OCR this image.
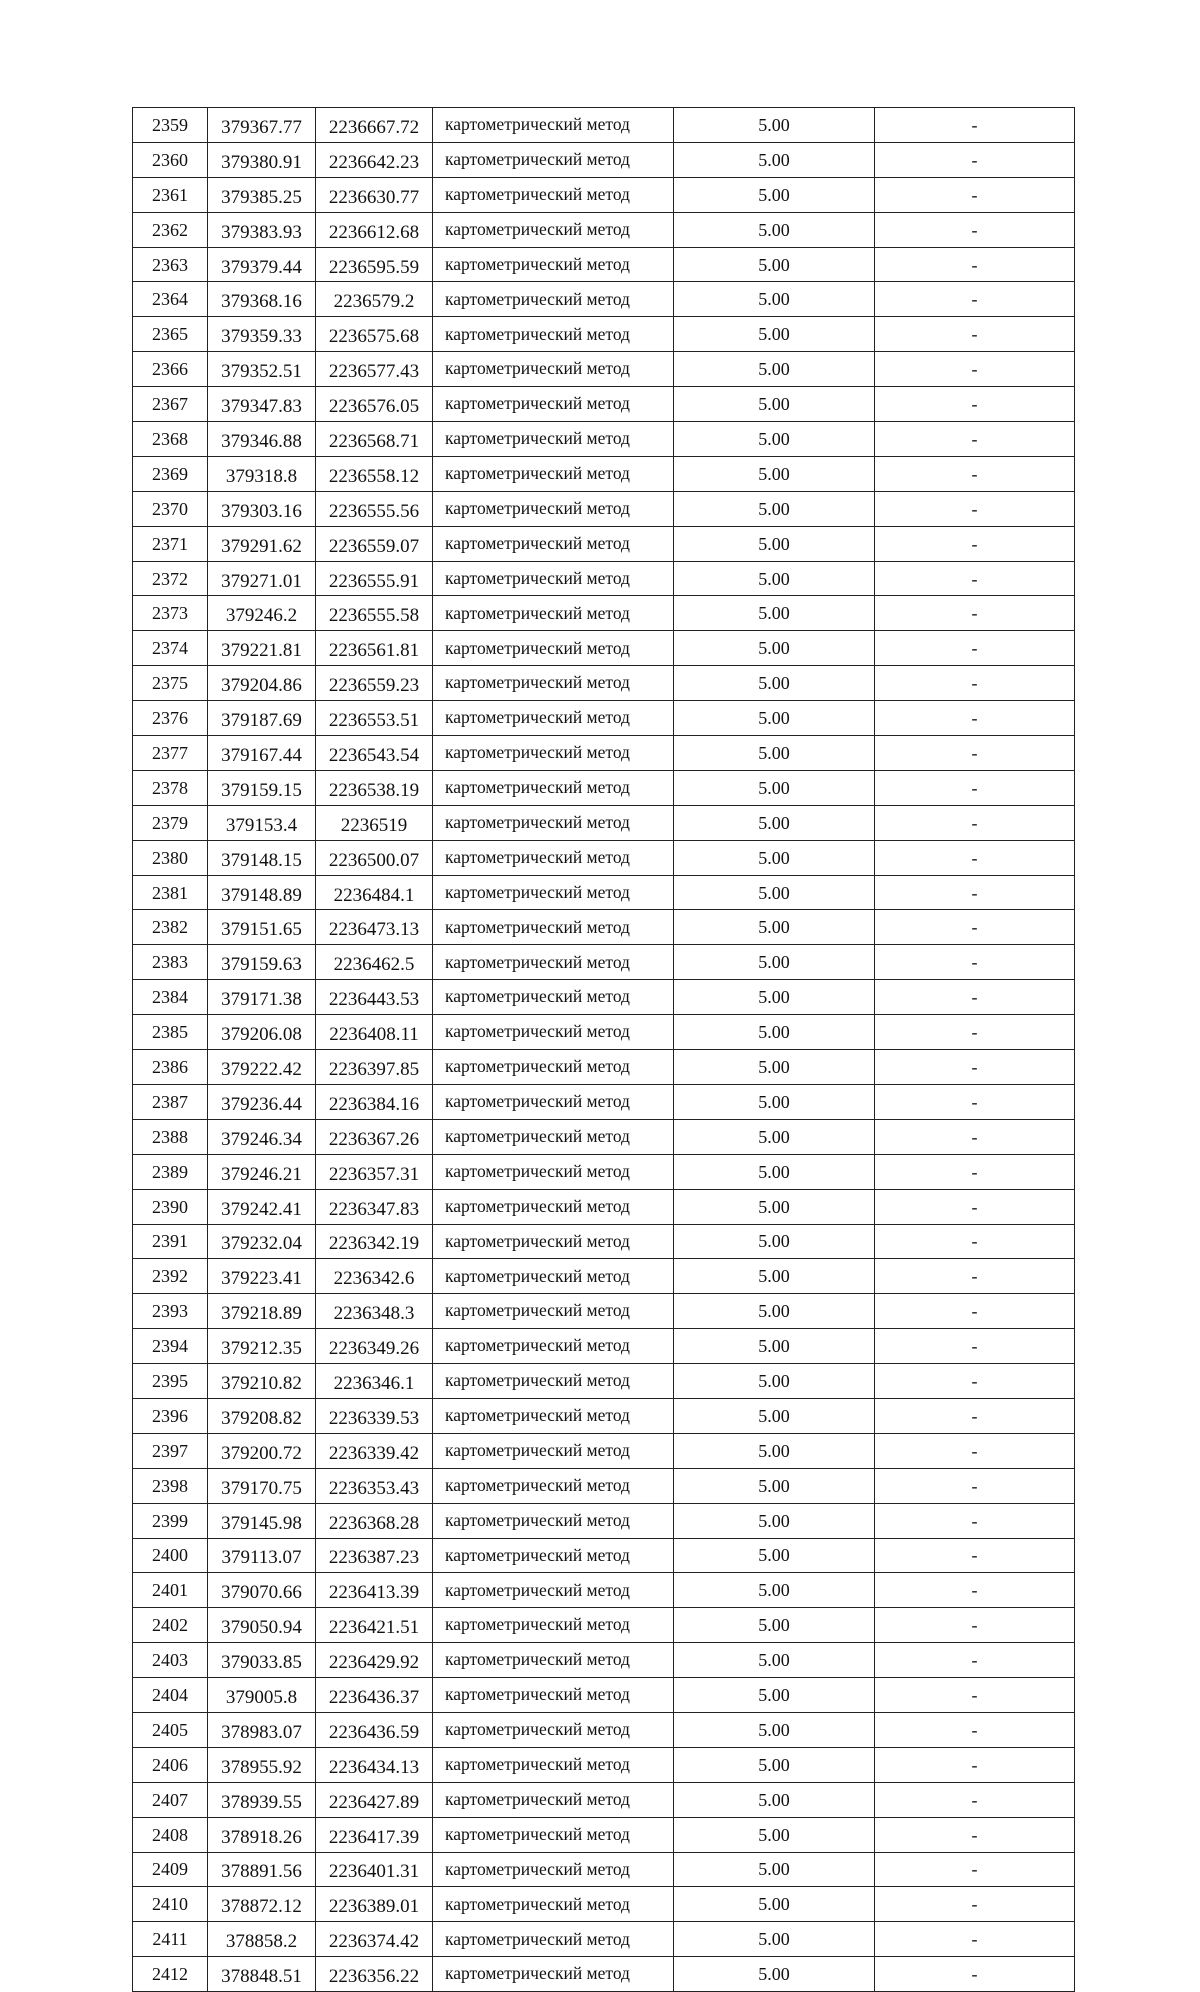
2359	379367.77	2236667.72	картометрический метод	5.00	-
2360	379380.91	2236642.23	картометрический метод	5.00	-
2361	379385.25	2236630.77	картометрический метод	5.00	-
2362	379383.93	2236612.68	картометрический метод	5.00	-
2363	379379.44	2236595.59	картометрический метод	5.00	-
2364	379368.16	2236579.2	картометрический метод	5.00	-
2365	379359.33	2236575.68	картометрический метод	5.00	-
2366	379352.51	2236577.43	картометрический метод	5.00	-
2367	379347.83	2236576.05	картометрический метод	5.00	-
2368	379346.88	2236568.71	картометрический метод	5.00	-
2369	379318.8	2236558.12	картометрический метод	5.00	-
2370	379303.16	2236555.56	картометрический метод	5.00	-
2371	379291.62	2236559.07	картометрический метод	5.00	-
2372	379271.01	2236555.91	картометрический метод	5.00	-
2373	379246.2	2236555.58	картометрический метод	5.00	-
2374	379221.81	2236561.81	картометрический метод	5.00	-
2375	379204.86	2236559.23	картометрический метод	5.00	-
2376	379187.69	2236553.51	картометрический метод	5.00	-
2377	379167.44	2236543.54	картометрический метод	5.00	-
2378	379159.15	2236538.19	картометрический метод	5.00	-
2379	379153.4	2236519	картометрический метод	5.00	-
2380	379148.15	2236500.07	картометрический метод	5.00	-
2381	379148.89	2236484.1	картометрический метод	5.00	-
2382	379151.65	2236473.13	картометрический метод	5.00	-
2383	379159.63	2236462.5	картометрический метод	5.00	-
2384	379171.38	2236443.53	картометрический метод	5.00	-
2385	379206.08	2236408.11	картометрический метод	5.00	-
2386	379222.42	2236397.85	картометрический метод	5.00	-
2387	379236.44	2236384.16	картометрический метод	5.00	-
2388	379246.34	2236367.26	картометрический метод	5.00	-
2389	379246.21	2236357.31	картометрический метод	5.00	-
2390	379242.41	2236347.83	картометрический метод	5.00	-
2391	379232.04	2236342.19	картометрический метод	5.00	-
2392	379223.41	2236342.6	картометрический метод	5.00	-
2393	379218.89	2236348.3	картометрический метод	5.00	-
2394	379212.35	2236349.26	картометрический метод	5.00	-
2395	379210.82	2236346.1	картометрический метод	5.00	-
2396	379208.82	2236339.53	картометрический метод	5.00	-
2397	379200.72	2236339.42	картометрический метод	5.00	-
2398	379170.75	2236353.43	картометрический метод	5.00	-
2399	379145.98	2236368.28	картометрический метод	5.00	-
2400	379113.07	2236387.23	картометрический метод	5.00	-
2401	379070.66	2236413.39	картометрический метод	5.00	-
2402	379050.94	2236421.51	картометрический метод	5.00	-
2403	379033.85	2236429.92	картометрический метод	5.00	-
2404	379005.8	2236436.37	картометрический метод	5.00	-
2405	378983.07	2236436.59	картометрический метод	5.00	-
2406	378955.92	2236434.13	картометрический метод	5.00	-
2407	378939.55	2236427.89	картометрический метод	5.00	-
2408	378918.26	2236417.39	картометрический метод	5.00	-
2409	378891.56	2236401.31	картометрический метод	5.00	-
2410	378872.12	2236389.01	картометрический метод	5.00	-
2411	378858.2	2236374.42	картометрический метод	5.00	-
2412	378848.51	2236356.22	картометрический метод	5.00	-
